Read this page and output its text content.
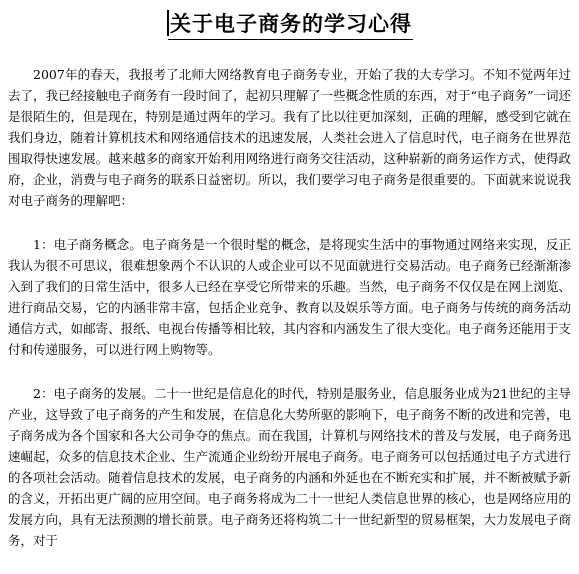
关于电子商务的学习心得

2007年的春天，我报考了北师大网络教育电子商务专业，开始了我的大专学习。不知不觉两年过去了，我已经接触电子商务有一段时间了，起初只理解了一些概念性质的东西，对于“电子商务”一词还是很陌生的，但是现在，特别是通过两年的学习。我有了比以往更加深刻，正确的理解，感受到它就在我们身边，随着计算机技术和网络通信技术的迅速发展，人类社会进入了信息时代，电子商务在世界范围取得快速发展。越来越多的商家开始利用网络进行商务交往活动，这种崭新的商务运作方式，使得政府，企业，消费与电子商务的联系日益密切。所以，我们要学习电子商务是很重要的。下面就来说说我对电子商务的理解吧：

1：电子商务概念。电子商务是一个很时髦的概念，是将现实生活中的事物通过网络来实现，反正我认为很不可思议，很难想象两个不认识的人或企业可以不见面就进行交易活动。电子商务已经渐渐渗入到了我们的日常生活中，很多人已经在享受它所带来的乐趣。当然，电子商务不仅仅是在网上浏览、进行商品交易，它的内涵非常丰富，包括企业竞争、教育以及娱乐等方面。电子商务与传统的商务活动通信方式，如邮寄、报纸、电视台传播等相比较，其内容和内涵发生了很大变化。电子商务还能用于支付和传递服务，可以进行网上购物等。

2：电子商务的发展。二十一世纪是信息化的时代，特别是服务业，信息服务业成为21世纪的主导产业，这导致了电子商务的产生和发展，在信息化大势所驱的影响下，电子商务不断的改进和完善，电子商务成为各个国家和各大公司争夺的焦点。而在我国，计算机与网络技术的普及与发展，电子商务迅速崛起，众多的信息技术企业、生产流通企业纷纷开展电子商务。电子商务可以包括通过电子方式进行的各项社会活动。随着信息技术的发展，电子商务的内涵和外延也在不断充实和扩展，并不断被赋予新的含义，开拓出更广阔的应用空间。电子商务将成为二十一世纪人类信息世界的核心，也是网络应用的发展方向，具有无法预测的增长前景。电子商务还将构筑二十一世纪新型的贸易框架，大力发展电子商务，对于
